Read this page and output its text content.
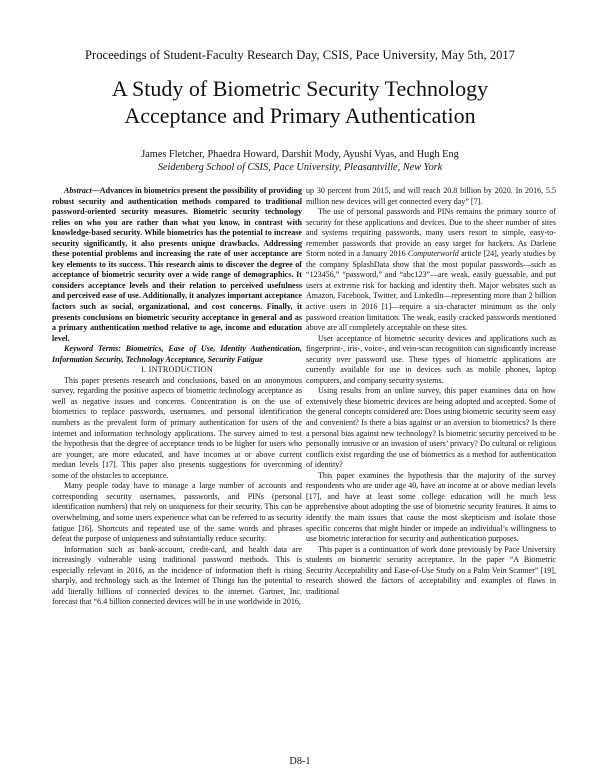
Proceedings of Student-Faculty Research Day, CSIS, Pace University, May 5th, 2017
A Study of Biometric Security Technology
Acceptance and Primary Authentication
James Fletcher, Phaedra Howard, Darshit Mody, Ayushi Vyas, and Hugh Eng
Seidenberg School of CSIS, Pace University, Pleasantville, New York

Abstract—Advances in biometrics present the possibility of providing robust security and authentication methods compared to traditional password-oriented security measures. Biometric security technology relies on who you are rather than what you know, in contrast with knowledge-based security. While biometrics has the potential to increase security significantly, it also presents unique drawbacks. Addressing these potential problems and increasing the rate of user acceptance are key elements to its success. This research aims to discover the degree of acceptance of biometric security over a wide range of demographics. It considers acceptance levels and their relation to perceived usefulness and perceived ease of use. Additionally, it analyzes important acceptance factors such as social, organizational, and cost concerns. Finally, it presents conclusions on biometric security acceptance in general and as a primary authentication method relative to age, income and education level.

Keyword Terms: Biometrics, Ease of Use, Identity Authentication, Information Security, Technology Acceptance, Security Fatigue

I. INTRODUCTION

This paper presents research and conclusions, based on an anonymous survey, regarding the positive aspects of biometric technology acceptance as well as negative issues and concerns. Concentration is on the use of biometrics to replace passwords, usernames, and personal identification numbers as the prevalent form of primary authentication for users of the internet and information technology applications. The survey aimed to test the hypothesis that the degree of acceptance tends to be higher for users who are younger, are more educated, and have incomes at or above current median levels [17]. This paper also presents suggestions for overcoming some of the obstacles to acceptance.

Many people today have to manage a large number of accounts and corresponding security usernames, passwords, and PINs (personal identification numbers) that rely on uniqueness for their security. This can be overwhelming, and some users experience what can be referred to as security fatigue [16]. Shortcuts and repeated use of the same words and phrases defeat the purpose of uniqueness and substantially reduce security.

Information such as bank-account, credit-card, and health data are increasingly vulnerable using traditional password methods. This is especially relevant in 2016, as the incidence of information theft is rising sharply, and technology such as the Internet of Things has the potential to add literally billions of connected devices to the internet. Gartner, Inc. forecast that “6.4 billion connected devices will be in use worldwide in 2016,

up 30 percent from 2015, and will reach 20.8 billion by 2020. In 2016, 5.5 million new devices will get connected every day” [7].

The use of personal passwords and PINs remains the primary source of security for these applications and devices. Due to the sheer number of sites and systems requiring passwords, many users resort to simple, easy-to-remember passwords that provide an easy target for hackers. As Darlene Storm noted in a January 2016 Computerworld article [24], yearly studies by the company SplashData show that the most popular passwords—such as “123456,” “password,” and “abc123”—are weak, easily guessable, and put users at extreme risk for hacking and identity theft. Major websites such as Amazon, Facebook, Twitter, and LinkedIn—representing more than 2 billion active users in 2016 [1]—require a six-character minimum as the only password creation limitation. The weak, easily cracked passwords mentioned above are all completely acceptable on these sites.

User acceptance of biometric security devices and applications such as fingerprint-, iris-, voice-, and vein-scan recognition can significantly increase security over password use. These types of biometric applications are currently available for use in devices such as mobile phones, laptop computers, and company security systems.

Using results from an online survey, this paper examines data on how extensively these biometric devices are being adopted and accepted. Some of the general concepts considered are: Does using biometric security seem easy and convenient? Is there a bias against or an aversion to biometrics? Is there a personal bias against new technology? Is biometric security perceived to be personally intrusive or an invasion of users’ privacy? Do cultural or religious conflicts exist regarding the use of biometrics as a method for authentication of identity?

This paper examines the hypothesis that the majority of the survey respondents who are under age 40, have an income at or above median levels [17], and have at least some college education will be much less apprehensive about adopting the use of biometric security features. It aims to identify the main issues that cause the most skepticism and isolate those specific concerns that might hinder or impede an individual’s willingness to use biometric interaction for security and authentication purposes.

This paper is a continuation of work done previously by Pace University students on biometric security acceptance. In the paper “A Biometric Security Acceptability and Ease-of-Use Study on a Palm Vein Scanner” [19], research showed the factors of acceptability and examples of flaws in traditional

D8-1
